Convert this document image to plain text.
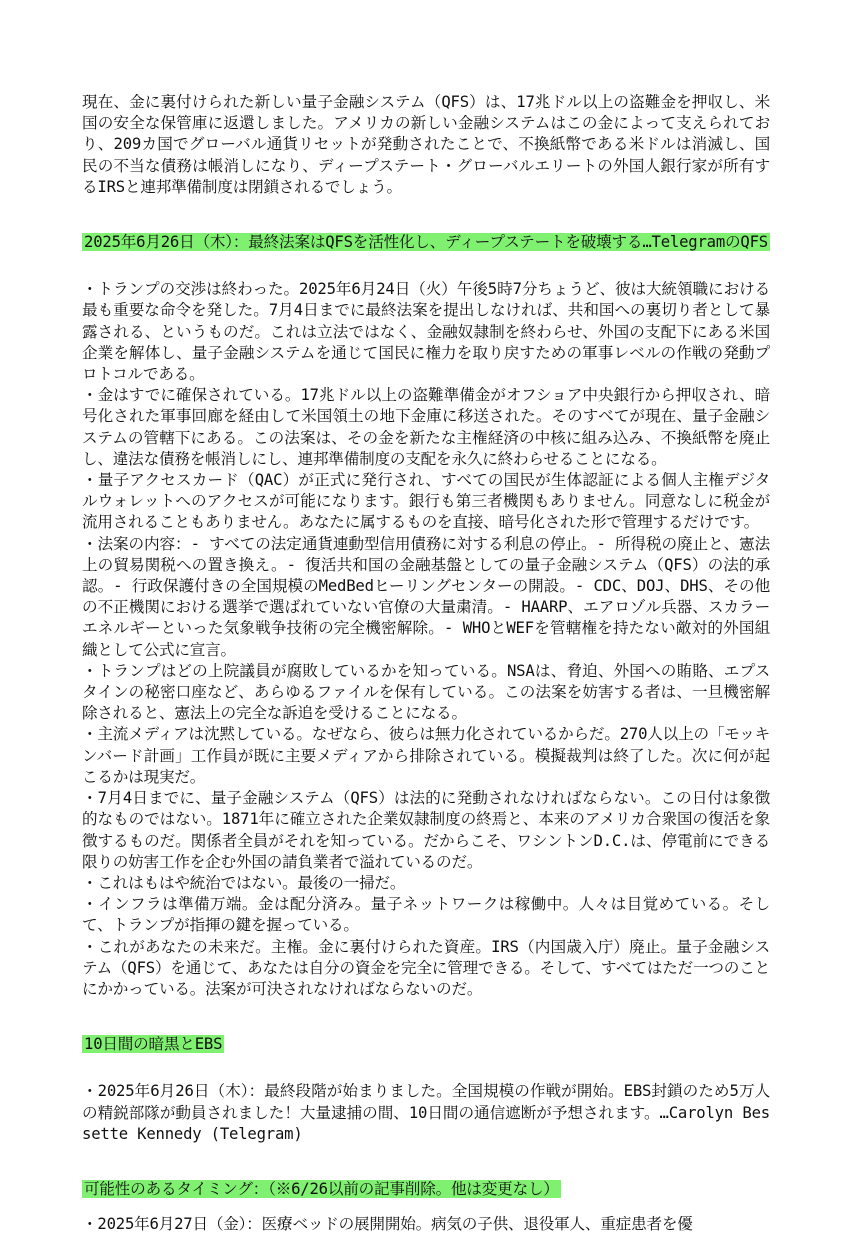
現在、金に裏付けられた新しい量子金融システム（QFS）は、17兆ドル以上の盗難金を押収し、米国の安全な保管庫に返還しました。アメリカの新しい金融システムはこの金によって支えられており、209カ国でグローバル通貨リセットが発動されたことで、不換紙幣である米ドルは消滅し、国民の不当な債務は帳消しになり、ディープステート・グローバルエリートの外国人銀行家が所有するIRSと連邦準備制度は閉鎖されるでしょう。

2025年6月26日（木）：最終法案はQFSを活性化し、ディープステートを破壊する…TelegramのQFS

・トランプの交渉は終わった。2025年6月24日（火）午後5時7分ちょうど、彼は大統領職における最も重要な命令を発した。7月4日までに最終法案を提出しなければ、共和国への裏切り者として暴露される、というものだ。これは立法ではなく、金融奴隷制を終わらせ、外国の支配下にある米国企業を解体し、量子金融システムを通じて国民に権力を取り戻すための軍事レベルの作戦の発動プロトコルである。

・金はすでに確保されている。17兆ドル以上の盗難準備金がオフショア中央銀行から押収され、暗号化された軍事回廊を経由して米国領土の地下金庫に移送された。そのすべてが現在、量子金融システムの管轄下にある。この法案は、その金を新たな主権経済の中核に組み込み、不換紙幣を廃止し、違法な債務を帳消しにし、連邦準備制度の支配を永久に終わらせることになる。

・量子アクセスカード（QAC）が正式に発行され、すべての国民が生体認証による個人主権デジタルウォレットへのアクセスが可能になります。銀行も第三者機関もありません。同意なしに税金が流用されることもありません。あなたに属するものを直接、暗号化された形で管理するだけです。

・法案の内容：- すべての法定通貨連動型信用債務に対する利息の停止。- 所得税の廃止と、憲法上の貿易関税への置き換え。- 復活共和国の金融基盤としての量子金融システム（QFS）の法的承認。- 行政保護付きの全国規模のMedBedヒーリングセンターの開設。- CDC、DOJ、DHS、その他の不正機関における選挙で選ばれていない官僚の大量粛清。- HAARP、エアロゾル兵器、スカラーエネルギーといった気象戦争技術の完全機密解除。- WHOとWEFを管轄権を持たない敵対的外国組織として公式に宣言。

・トランプはどの上院議員が腐敗しているかを知っている。NSAは、脅迫、外国への賄賂、エプスタインの秘密口座など、あらゆるファイルを保有している。この法案を妨害する者は、一旦機密解除されると、憲法上の完全な訴追を受けることになる。

・主流メディアは沈黙している。なぜなら、彼らは無力化されているからだ。270人以上の「モッキンバード計画」工作員が既に主要メディアから排除されている。模擬裁判は終了した。次に何が起こるかは現実だ。

・7月4日までに、量子金融システム（QFS）は法的に発動されなければならない。この日付は象徴的なものではない。1871年に確立された企業奴隷制度の終焉と、本来のアメリカ合衆国の復活を象徴するものだ。関係者全員がそれを知っている。だからこそ、ワシントンD.C.は、停電前にできる限りの妨害工作を企む外国の請負業者で溢れているのだ。

・これはもはや統治ではない。最後の一掃だ。

・インフラは準備万端。金は配分済み。量子ネットワークは稼働中。人々は目覚めている。そして、トランプが指揮の鍵を握っている。

・これがあなたの未来だ。主権。金に裏付けられた資産。IRS（内国歳入庁）廃止。量子金融システム（QFS）を通じて、あなたは自分の資金を完全に管理できる。そして、すべてはただ一つのことにかかっている。法案が可決されなければならないのだ。

10日間の暗黒とEBS

・2025年6月26日（木）：最終段階が始まりました。全国規模の作戦が開始。EBS封鎖のため5万人の精鋭部隊が動員されました！大量逮捕の間、10日間の通信遮断が予想されます。…Carolyn Bessette Kennedy (Telegram)

可能性のあるタイミング：（※6/26以前の記事削除。他は変更なし）

・2025年6月27日（金）：医療ベッドの展開開始。病気の子供、退役軍人、重症患者を優
